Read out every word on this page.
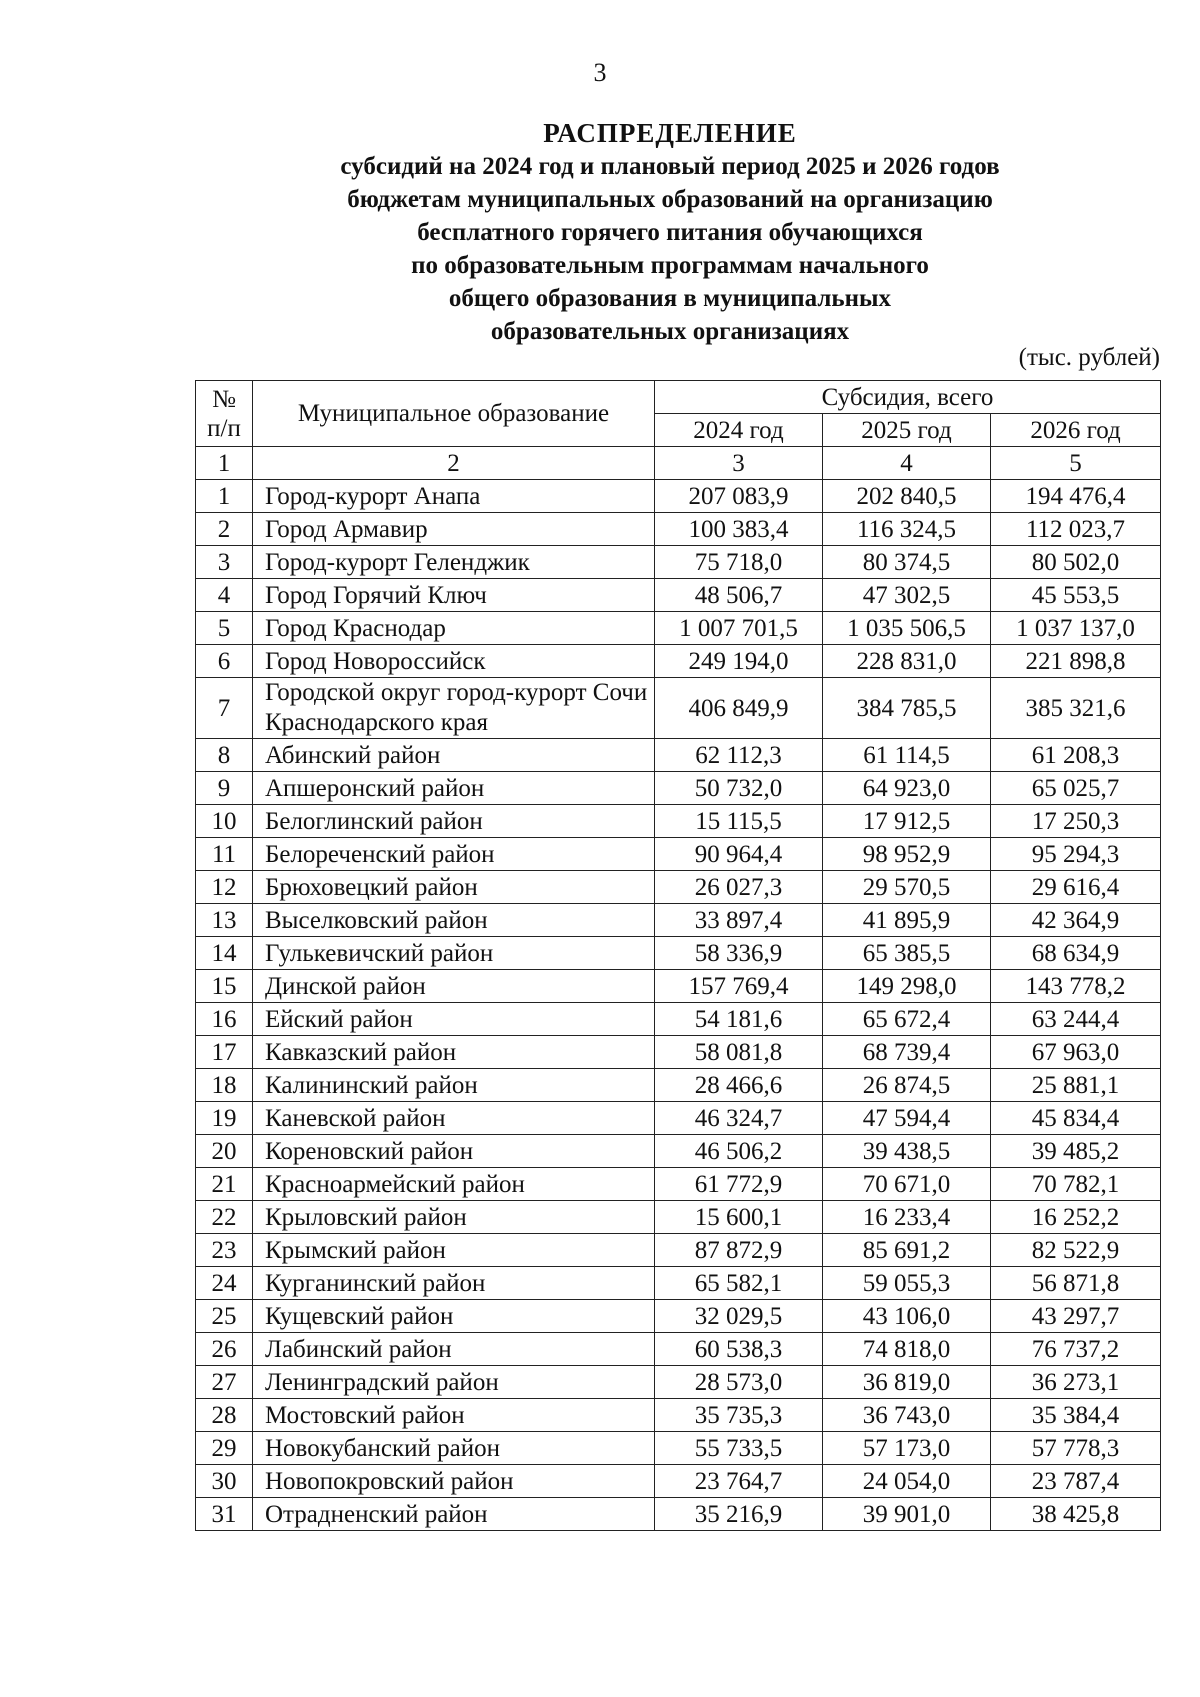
3
РАСПРЕДЕЛЕНИЕ
субсидий на 2024 год и плановый период 2025 и 2026 годов
бюджетам муниципальных образований на организацию
бесплатного горячего питания обучающихся
по образовательным программам начального
общего образования в муниципальных
образовательных организациях
(тыс. рублей)
№
п/п	Муниципальное образование	Субсидия, всего		
		2024 год	2025 год	2026 год
1	2	3	4	5
1	Город-курорт Анапа	207 083,9	202 840,5	194 476,4
2	Город Армавир	100 383,4	116 324,5	112 023,7
3	Город-курорт Геленджик	75 718,0	80 374,5	80 502,0
4	Город Горячий Ключ	48 506,7	47 302,5	45 553,5
5	Город Краснодар	1 007 701,5	1 035 506,5	1 037 137,0
6	Город Новороссийск	249 194,0	228 831,0	221 898,8
7	Городской округ город-курорт Сочи Краснодарского края	406 849,9	384 785,5	385 321,6
8	Абинский район	62 112,3	61 114,5	61 208,3
9	Апшеронский район	50 732,0	64 923,0	65 025,7
10	Белоглинский район	15 115,5	17 912,5	17 250,3
11	Белореченский район	90 964,4	98 952,9	95 294,3
12	Брюховецкий район	26 027,3	29 570,5	29 616,4
13	Выселковский район	33 897,4	41 895,9	42 364,9
14	Гулькевичский район	58 336,9	65 385,5	68 634,9
15	Динской район	157 769,4	149 298,0	143 778,2
16	Ейский район	54 181,6	65 672,4	63 244,4
17	Кавказский район	58 081,8	68 739,4	67 963,0
18	Калининский район	28 466,6	26 874,5	25 881,1
19	Каневской район	46 324,7	47 594,4	45 834,4
20	Кореновский район	46 506,2	39 438,5	39 485,2
21	Красноармейский район	61 772,9	70 671,0	70 782,1
22	Крыловский район	15 600,1	16 233,4	16 252,2
23	Крымский район	87 872,9	85 691,2	82 522,9
24	Курганинский район	65 582,1	59 055,3	56 871,8
25	Кущевский район	32 029,5	43 106,0	43 297,7
26	Лабинский район	60 538,3	74 818,0	76 737,2
27	Ленинградский район	28 573,0	36 819,0	36 273,1
28	Мостовский район	35 735,3	36 743,0	35 384,4
29	Новокубанский район	55 733,5	57 173,0	57 778,3
30	Новопокровский район	23 764,7	24 054,0	23 787,4
31	Отрадненский район	35 216,9	39 901,0	38 425,8
